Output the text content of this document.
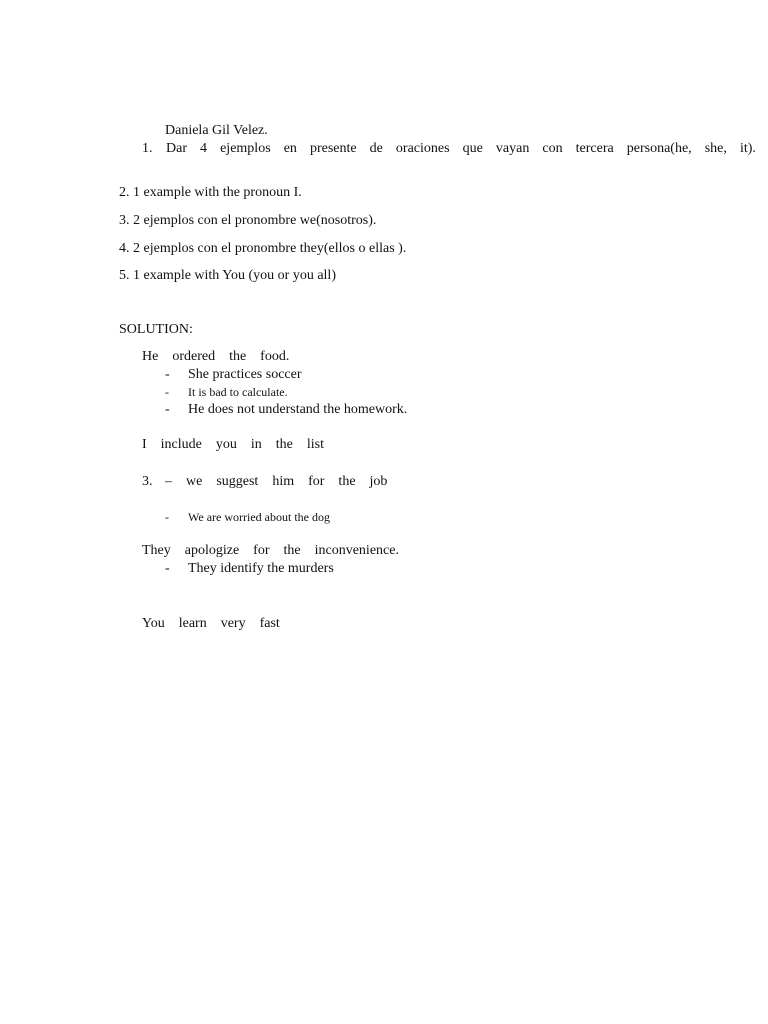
Daniela Gil Velez.
1. Dar 4 ejemplos en presente de oraciones que vayan con tercera persona(he, she, it).
2. 1 example with the pronoun I.
3. 2 ejemplos con el pronombre we(nosotros).
4. 2 ejemplos con el pronombre they(ellos o ellas ).
5. 1 example with You (you or you all)
SOLUTION:
He    ordered    the    food.
- She practices soccer
- It is bad to calculate.
- He does not understand the homework.
I    include    you    in    the    list
3. –    we    suggest    him    for    the    job
- We are worried about the dog
They    apologize    for    the    inconvenience.
- They identify the murders
You    learn    very    fast
